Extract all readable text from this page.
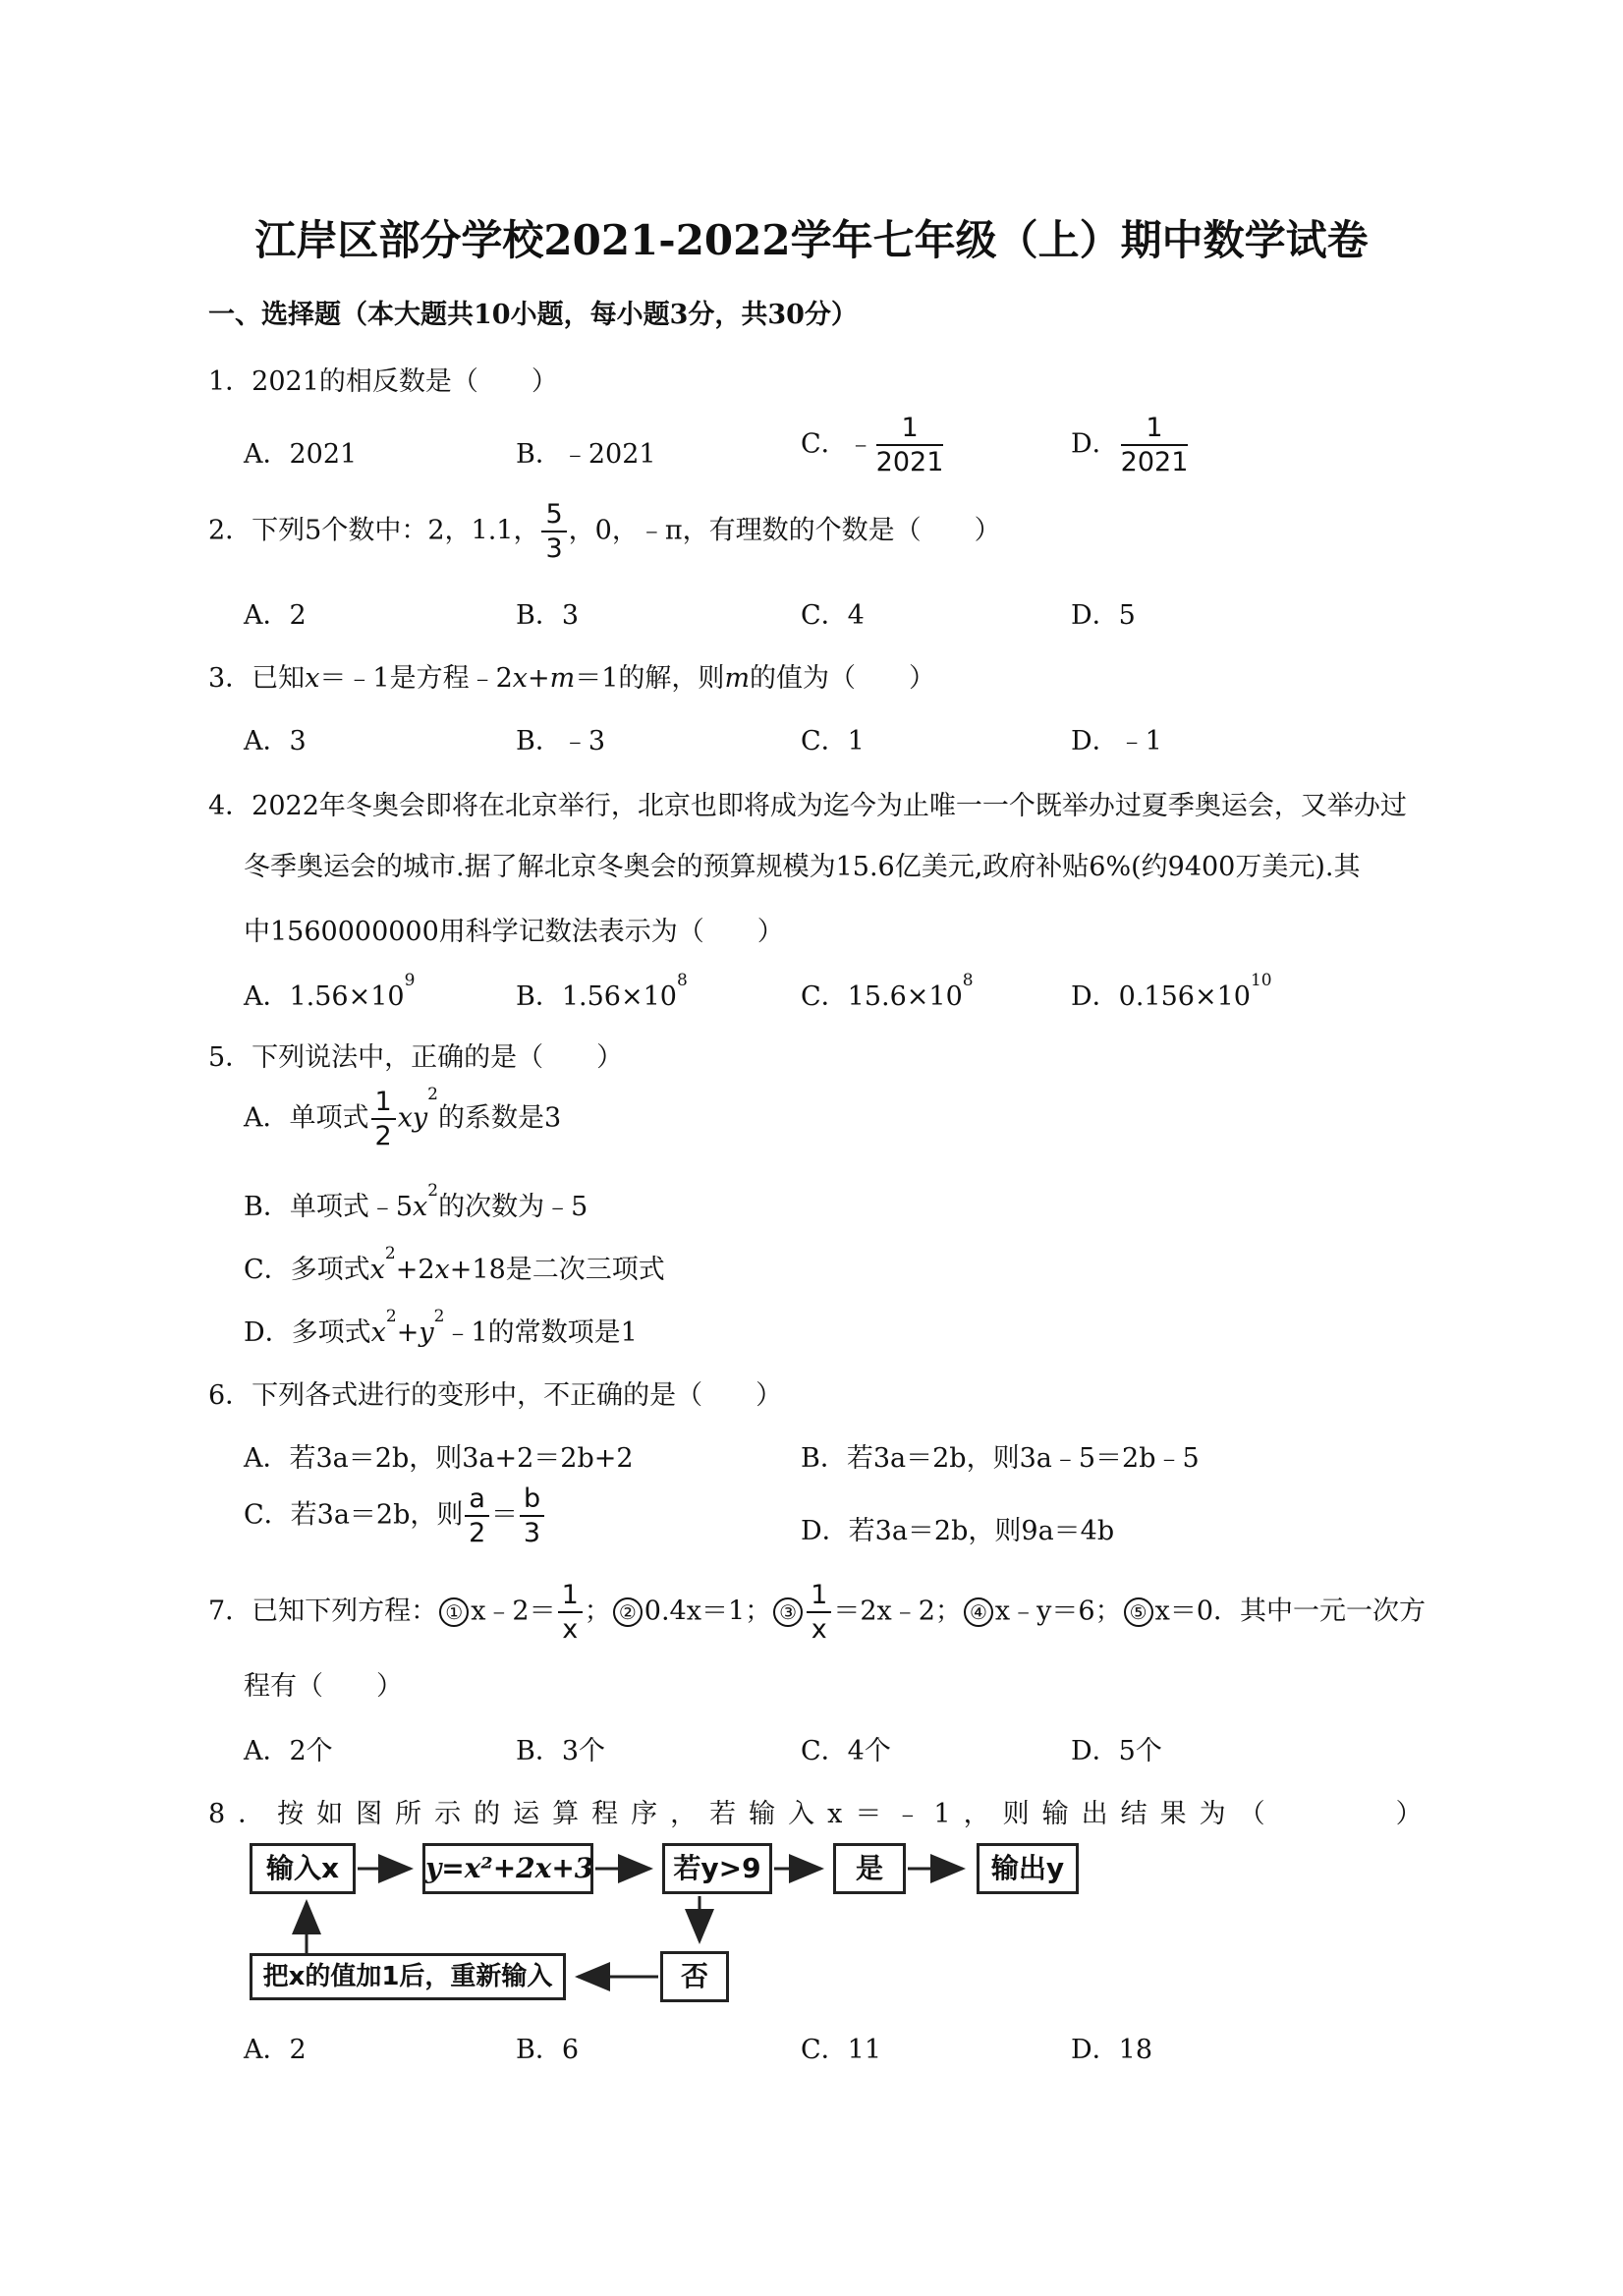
江岸区部分学校2021-2022学年七年级（上）期中数学试卷
一、选择题（本大题共10小题，每小题3分，共30分）
1．2021的相反数是（　　）
A．2021	B．﹣2021	C．﹣ $\frac{1}{2021}$	D． $\frac{1}{2021}$
2．下列5个数中：2，1.1， $\frac{5}{3}$ ，0，﹣π，有理数的个数是（　　）
A．2	B．3	C．4	D．5
3．已知x＝﹣1是方程﹣2x+m＝1的解，则m的值为（　　）
A．3	B．﹣3	C．1	D．﹣1
4．2022年冬奥会即将在北京举行，北京也即将成为迄今为止唯一一个既举办过夏季奥运会，又举办过
冬季奥运会的城市.据了解北京冬奥会的预算规模为15.6亿美元,政府补贴6%(约9400万美元).其
中1560000000用科学记数法表示为（　　）
A．$1.56\times 10^9$
B．$1.56\times 10^8$
C．$15.6\times 10^8$
D．$0.156\times 10^{10}$
5．下列说法中，正确的是（　　）
A．单项式 $\frac{1}{2} xy^2$的系数是3
B．单项式$﹣5x^2$的次数为﹣5
C．多项式$x^2+2x+18$是二次三项式
D．多项式$x^2+y^2﹣1$的常数项是1
6．下列各式进行的变形中，不正确的是（　　）
A．若3a＝2b，则3a+2＝2b+2	B．若3a＝2b，则3a﹣5＝2b﹣5
C．若3a＝2b，则 $\frac{a}{2} = \frac{b}{3}$	D．若3a＝2b，则9a＝4b
7．已知下列方程： ① x﹣2＝ $\frac{1}{x}$ ； ② 0.4x＝1； ③ $\frac{1}{x}$ ＝2x﹣2； ④ x﹣y＝6； ⑤ x＝0．其中一元一次方
程有（　　）
A．2个	B．3个	C．4个	D．5个
8．按如图所示的运算程序，若输入x＝﹣1，则输出结果为（　　　）
输入x	y=x²+2x+3	若y>9	是	输出y
否
把x的值加1后，重新输入
A．2	B．6	C．11	D．18
